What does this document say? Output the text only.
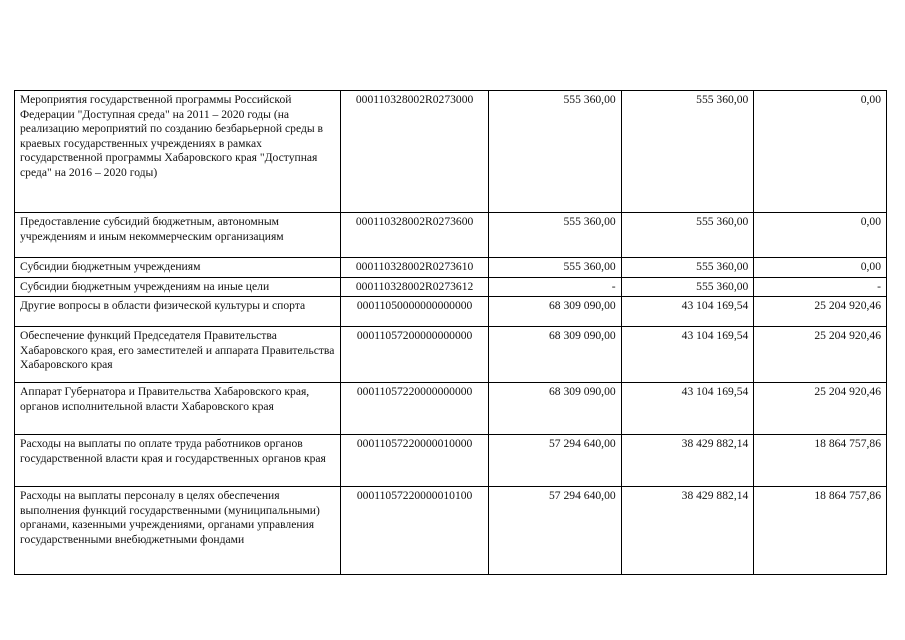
Мероприятия государственной программы Российской Федерации "Доступная среда" на 2011 – 2020 годы (на реализацию мероприятий по созданию безбарьерной среды в краевых государственных учреждениях в рамках государственной программы Хабаровского края "Доступная среда" на 2016 – 2020 годы)	000110328002R0273000	555 360,00	555 360,00	0,00
Предоставление субсидий бюджетным, автономным учреждениям и иным некоммерческим организациям	000110328002R0273600	555 360,00	555 360,00	0,00
Субсидии бюджетным учреждениям	000110328002R0273610	555 360,00	555 360,00	0,00
Субсидии бюджетным учреждениям на иные цели	000110328002R0273612	-	555 360,00	-
Другие вопросы в области физической культуры и спорта	00011050000000000000	68 309 090,00	43 104 169,54	25 204 920,46
Обеспечение функций Председателя Правительства Хабаровского края, его заместителей и аппарата Правительства Хабаровского края	00011057200000000000	68 309 090,00	43 104 169,54	25 204 920,46
Аппарат Губернатора и Правительства Хабаровского края, органов исполнительной власти Хабаровского края	00011057220000000000	68 309 090,00	43 104 169,54	25 204 920,46
Расходы на выплаты по оплате труда работников органов государственной власти края и государственных органов края	00011057220000010000	57 294 640,00	38 429 882,14	18 864 757,86
Расходы на выплаты персоналу в целях обеспечения выполнения функций государственными (муниципальными) органами, казенными учреждениями, органами управления государственными внебюджетными фондами	00011057220000010100	57 294 640,00	38 429 882,14	18 864 757,86
